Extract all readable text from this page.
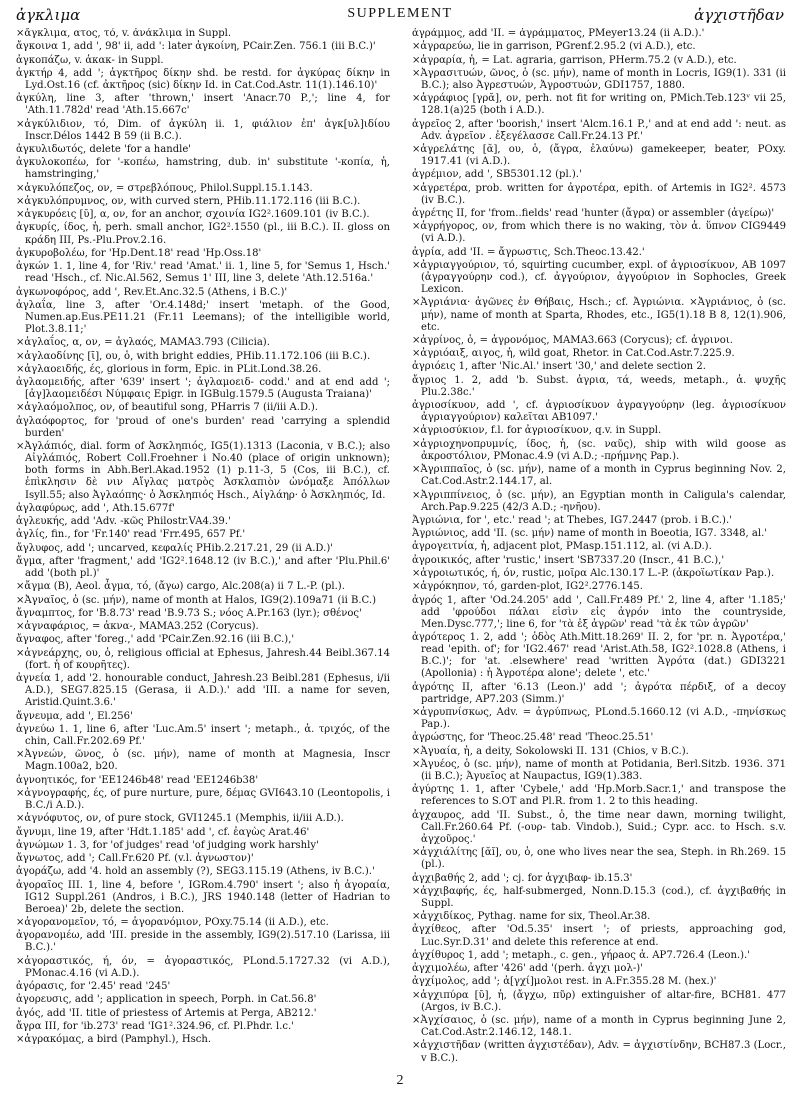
ἀγκλιμα	SUPPLEMENT	ἀγχιστῆδαν

×ἄγκλιμα, ατος, τό, v. ἀνάκλιμα in Suppl.

ἄγκοινα 1, add ', 98' ii, add ': later ἀγκοίνη, PCair.Zen. 756.1 (iii B.C.)'

ἀγκοπάζω, v. ἀκακ- in Suppl.

ἀγκτήρ 4, add '; ἀγκτῆρος δίκην shd. be restd. for ἀγκύρας δίκην in Lyd.Ost.16 (cf. ἀκτῆρος (sic) δίκην Id. in Cat.Cod.Astr. 11(1).146.10)'

ἀγκύλη, line 3, after 'thrown,' insert 'Anacr.70 P.,'; line 4, for 'Ath.11.782d' read 'Ath.15.667c'

×ἀγκύλιδιον, τό, Dim. of ἀγκύλη ii. 1, φιάλιον ἐπ' ἀγκ[υλ]ιδίου Inscr.Délos 1442 B 59 (ii B.C.).

ἀγκυλιδωτός, delete 'for a handle'

ἀγκυλοκοπέω, for '-κοπέω, hamstring, dub. in' substitute '-κοπία, ἡ, hamstringing,'

×ἀγκυλόπεζος, ον, = στρεβλόπους, Philol.Suppl.15.1.143.

×ἀγκυλόπρυμνος, ον, with curved stern, PHib.11.172.116 (iii B.C.).

×ἀγκυρόεις [ῠ], α, ον, for an anchor, σχοινία IG2².1609.101 (iv B.C.).

ἀγκυρίς, ίδος, ἡ, perh. small anchor, IG2².1550 (pl., iii B.C.). II. gloss on κράδη III, Ps.-Plu.Prov.2.16.

ἀγκυροβολέω, for 'Hp.Dent.18' read 'Hp.Oss.18'

ἀγκών 1. 1, line 4, for 'Riv.' read 'Amat.' ii. 1, line 5, for 'Semus 1, Hsch.' read 'Hsch., cf. Nic.Al.562, Semus 1' III, line 3, delete 'Ath.12.516a.'

ἀγκωνοφόρος, add ', Rev.Et.Anc.32.5 (Athens, i B.C.)'

ἀγλαΐα, line 3, after 'Or.4.148d;' insert 'metaph. of the Good, Numen.ap.Eus.PE11.21 (Fr.11 Leemans); of the intelligible world, Plot.3.8.11;'

×ἀγλαΐος, α, ον, = ἀγλαός, MAMA3.793 (Cilicia).

×ἀγλαοδίνης [ῑ], ου, ὁ, with bright eddies, PHib.11.172.106 (iii B.C.).

×ἀγλαοειδής, ές, glorious in form, Epic. in PLit.Lond.38.26.

ἀγλαομειδής, after '639' insert '; ἀγλαμοειδ- codd.' and at end add '; [ἀγ]λαομειδέσι Νύμφαις Epigr. in IGBulg.1579.5 (Augusta Traiana)'

×ἀγλαόμολπος, ον, of beautiful song, PHarris 7 (ii/iii A.D.).

ἀγλαόφορτος, for 'proud of one's burden' read 'carrying a splendid burden'

×Ἀγλάπιός, dial. form of Ἀσκληπιός, IG5(1).1313 (Laconia, v B.C.); also Αἰγλάπιός, Robert Coll.Froehner i No.40 (place of origin unknown); both forms in Abh.Berl.Akad.1952 (1) p.11-3, 5 (Cos, iii B.C.), cf. ἐπὶκλησιν δὲ νιν Αἴγλας ματρὸς Ἀσκλαπιὸν ὠνόμαξε Ἀπόλλων Isyll.55; also Ἀγλαόπης· ὁ Ἀσκληπιός Hsch., Αἰγλάηρ· ὁ Ἀσκληπιός, Id.

ἀγλαφύρως, add ', Ath.15.677f'

ἀγλευκής, add 'Adv. -κῶς Philostr.VA4.39.'

ἀγλίς, fin., for 'Fr.140' read 'Frr.495, 657 Pf.'

ἄγλυφος, add '; uncarved, κεφαλίς PHib.2.217.21, 29 (ii A.D.)'

ἄγμα, after 'fragment,' add 'IG2².1648.12 (iv B.C.),' and after 'Plu.Phil.6' add '(both pl.)'

×ἄγμα (B), Aeol. ἆγμα, τό, (ἄγω) cargo, Alc.208(a) ii 7 L.-P. (pl.).

×Ἀγναῖος, ὁ (sc. μήν), name of month at Halos, IG9(2).109a71 (ii B.C.)

ἄγναμπτος, for 'B.8.73' read 'B.9.73 S.; νόος A.Pr.163 (lyr.); σθένος'

×ἀγναφάριος, = ἀκνα-, MAMA3.252 (Corycus).

ἄγναφος, after 'foreg.,' add 'PCair.Zen.92.16 (iii B.C.),'

×ἀγνεάρχης, ου, ὁ, religious official at Ephesus, Jahresh.44 Beibl.367.14 (fort. ἡ of κουρῆτες).

ἀγνεία 1, add '2. honourable conduct, Jahresh.23 Beibl.281 (Ephesus, i/ii A.D.), SEG7.825.15 (Gerasa, ii A.D.).' add 'III. a name for seven, Aristid.Quint.3.6.'

ἄγνευμα, add ', El.256'

ἀγνεύω 1. 1, line 6, after 'Luc.Am.5' insert '; metaph., ἀ. τριχός, of the chin, Call.Fr.202.69 Pf.'

×Ἀγνεών, ῶνος, ὁ (sc. μήν), name of month at Magnesia, Inscr Magn.100a2, b20.

ἀγνοητικός, for 'EE1246b48' read 'EE1246b38'

×ἀγνογραφής, ές, of pure nurture, pure, δέμας GVI643.10 (Leontopolis, i B.C./i A.D.).

×ἀγνόφυτος, ον, of pure stock, GVI1245.1 (Memphis, ii/iii A.D.).

ἄγνυμι, line 19, after 'Hdt.1.185' add ', cf. ἐαγὼς Arat.46'

ἀγνώμων 1. 3, for 'of judges' read 'of judging work harshly'

ἄγνωτος, add '; Call.Fr.620 Pf. (v.l. ἀγνωστον)'

ἀγοράζω, add '4. hold an assembly (?), SEG3.115.19 (Athens, iv B.C.).'

ἀγοραῖος III. 1, line 4, before ', IGRom.4.790' insert '; also ἡ ἀγοραία, IG12 Suppl.261 (Andros, i B.C.), JRS 1940.148 (letter of Hadrian to Beroea)' 2b, delete the section.

×ἀγορανομεῖον, τό, = ἀγορανόμιον, POxy.75.14 (ii A.D.), etc.

ἀγορανομέω, add 'III. preside in the assembly, IG9(2).517.10 (Larissa, iii B.C.).'

×ἀγοραστικός, ή, όν, = ἀγοραστικός, PLond.5.1727.32 (vi A.D.), PMonac.4.16 (vi A.D.).

ἀγόρασις, for '2.45' read '245'

ἀγορευσις, add '; application in speech, Porph. in Cat.56.8'

ἀγός, add 'II. title of priestess of Artemis at Perga, AB212.'

ἄγρα III, for 'ib.273' read 'IG1².324.96, cf. Pl.Phdr. l.c.'

×ἀγρακόμας, a bird (Pamphyl.), Hsch.

ἀγράμμος, add 'II. = ἀγράμματος, PMeyer13.24 (ii A.D.).'

×ἀγραρεύω, lie in garrison, PGrenf.2.95.2 (vi A.D.), etc.

×ἀγραρία, ἡ, = Lat. agraria, garrison, PHerm.75.2 (v A.D.), etc.

×Ἀγρασιτυών, ῶνος, ὁ (sc. μήν), name of month in Locris, IG9(1). 331 (ii B.C.); also Ἀγρεστυών, Ἀγροστυών, GDI1757, 1880.

×ἀγράφιος [γρᾰ], ον, perh. not fit for writing on, PMich.Teb.123ᵛ vii 25, 128.1(a)25 (both i A.D.).

ἀγρεῖος 2, after 'boorish,' insert 'Alcm.16.1 P.,' and at end add ': neut. as Adv. ἀγρεῖον . ἐξεγέλασσε Call.Fr.24.13 Pf.'

×ἀγρελάτης [ᾰ], ου, ὁ, (ἄγρα, ἐλαύνω) gamekeeper, beater, POxy. 1917.41 (vi A.D.).

ἀγρέμιον, add ', SB5301.12 (pl.).'

×ἀγρετέρα, prob. written for ἀγροτέρα, epith. of Artemis in IG2². 4573 (iv B.C.).

ἀγρέτης II, for 'from..fields' read 'hunter (ἄγρα) or assembler (ἀγείρω)'

×ἀγρήγορος, ον, from which there is no waking, τὸν ἀ. ὕπνον CIG9449 (vi A.D.).

ἀγρία, add 'II. = ἄγρωστις, Sch.Theoc.13.42.'

×ἀγριαγγούριον, τό, squirting cucumber, expl. of ἀγριοσίκυον, AB 1097 (ἀγραγγούρην cod.), cf. ἀγγούριον, ἀγγούριον in Sophocles, Greek Lexicon.

×Ἀγριάνια· ἀγῶνες ἐν Θήβαις, Hsch.; cf. Ἀγριώνια. ×Ἀγριάνιος, ὁ (sc. μήν), name of month at Sparta, Rhodes, etc., IG5(1).18 B 8, 12(1).906, etc.

×ἀγρίνος, ὁ, = ἀγρονόμος, MAMA3.663 (Corycus); cf. ἀγρινοι.

×ἀγριόαιξ, αιγος, ἡ, wild goat, Rhetor. in Cat.Cod.Astr.7.225.9.

ἀγριόεις 1, after 'Nic.Al.' insert '30,' and delete section 2.

ἄγριος 1. 2, add 'b. Subst. ἀγρια, τά, weeds, metaph., ἀ. ψυχῆς Plu.2.38c.'

ἀγριοσίκυον, add ', cf. ἀγριοσίκυον ἀγραγγούρην (leg. ἀγριοσίκυον ἀγριαγγούριον) καλεῖται AB1097.'

×ἀγριοσύκιον, f.l. for ἀγριοσίκυον, q.v. in Suppl.

×ἀγριοχηνοπρυμνίς, ίδος, ἡ, (sc. ναῦς), ship with wild goose as ἀκροστόλιον, PMonac.4.9 (vi A.D.; -πρήμνης Pap.).

×Ἀγριππαῖος, ὁ (sc. μήν), name of a month in Cyprus beginning Nov. 2, Cat.Cod.Astr.2.144.17, al.

×Ἀγριππίνειος, ὁ (sc. μήν), an Egyptian month in Caligula's calendar, Arch.Pap.9.225 (42/3 A.D.; -ηνῆου).

Ἀγριώνια, for ', etc.' read '; at Thebes, IG7.2447 (prob. i B.C.).'

Ἀγριώνιος, add 'II. (sc. μήν) name of month in Boeotia, IG7. 3348, al.'

ἀγρογειτνία, ἡ, adjacent plot, PMasp.151.112, al. (vi A.D.).

ἀγροικικός, after 'rustic,' insert 'SB7337.20 (Inscr., 41 B.C.),'

×ἀγροιωτικός, ή, όν, rustic, μοῖρα Alc.130.17 L.-P. (ἀκροϊωτίκαν Pap.).

×ἀγρόκηπον, τό, garden-plot, IG2².2776.145.

ἀγρός 1, after 'Od.24.205' add ', Call.Fr.489 Pf.' 2, line 4, after '1.185;' add 'φρούδοι πάλαι εἰσὶν εἰς ἀγρόν into the countryside, Men.Dysc.777,'; line 6, for 'τὰ ἐξ ἀγρῶν' read 'τὰ ἐκ τῶν ἀγρῶν'

ἀγρότερος 1. 2, add '; ὁδὸς Ath.Mitt.18.269' II. 2, for 'pr. n. Ἀγροτέρα,' read 'epith. of'; for 'IG2.467' read 'Arist.Ath.58, IG2².1028.8 (Athens, i B.C.)'; for 'at. .elsewhere' read 'written Ἀγρότα (dat.) GDI3221 (Apollonia) : ἡ Ἀγροτέρα alone'; delete ', etc.'

ἀγρότης II, after '6.13 (Leon.)' add '; ἀγρότα πέρδιξ, of a decoy partridge, AP7.203 (Simm.)'

×ἀγρυπνίσκως, Adv. = ἀγρύπνως, PLond.5.1660.12 (vi A.D., -πηνίσκως Pap.).

ἀγρώστης, for 'Theoc.25.48' read 'Theoc.25.51'

×Ἀγυαία, ἡ, a deity, Sokolowski II. 131 (Chios, v B.C.).

×Ἀγυέος, ὁ (sc. μήν), name of month at Potidania, Berl.Sitzb. 1936. 371 (ii B.C.); Ἀγυεῖος at Naupactus, IG9(1).383.

ἀγύρτης 1. 1, after 'Cybele,' add 'Hp.Morb.Sacr.1,' and transpose the references to S.OT and Pl.R. from 1. 2 to this heading.

ἀγχαυρος, add 'II. Subst., ὁ, the time near dawn, morning twilight, Call.Fr.260.64 Pf. (-ουρ- tab. Vindob.), Suid.; Cypr. acc. to Hsch. s.v. ἀγχοῦρος.'

×ἀγχιάλίτης [ᾰĭ], ου, ὁ, one who lives near the sea, Steph. in Rh.269. 15 (pl.).

ἀγχιβαθής 2, add '; cj. for ἀγχιβαφ- ib.15.3'

×ἀγχιβαφής, ές, half-submerged, Nonn.D.15.3 (cod.), cf. ἀγχιβαθής in Suppl.

×ἀγχιδίκος, Pythag. name for six, Theol.Ar.38.

ἀγχίθεος, after 'Od.5.35' insert '; of priests, approaching god, Luc.Syr.D.31' and delete this reference at end.

ἀγχίθυρος 1, add '; metaph., c. gen., γήρaoς ἀ. AP7.726.4 (Leon.).'

ἀγχιμολέω, after '426' add '(perh. ἀγχι μολ-)'

ἀγχίμολος, add '; ἀ[γχί]μολοι rest. in A.Fr.355.28 M. (hex.)'

×ἀγχιπύρα [ῠ], ἡ, (ἄγχω, πῦρ) extinguisher of altar-fire, BCH81. 477 (Argos, iv B.C.).

×Ἀγχίσαιος, ὁ (sc. μήν), name of a month in Cyprus beginning June 2, Cat.Cod.Astr.2.146.12, 148.1.

×ἀγχιστῆδαν (written ἀγχιστέδαν), Adv. = ἀγχιστίνδην, BCH87.3 (Locr., v B.C.).

2
